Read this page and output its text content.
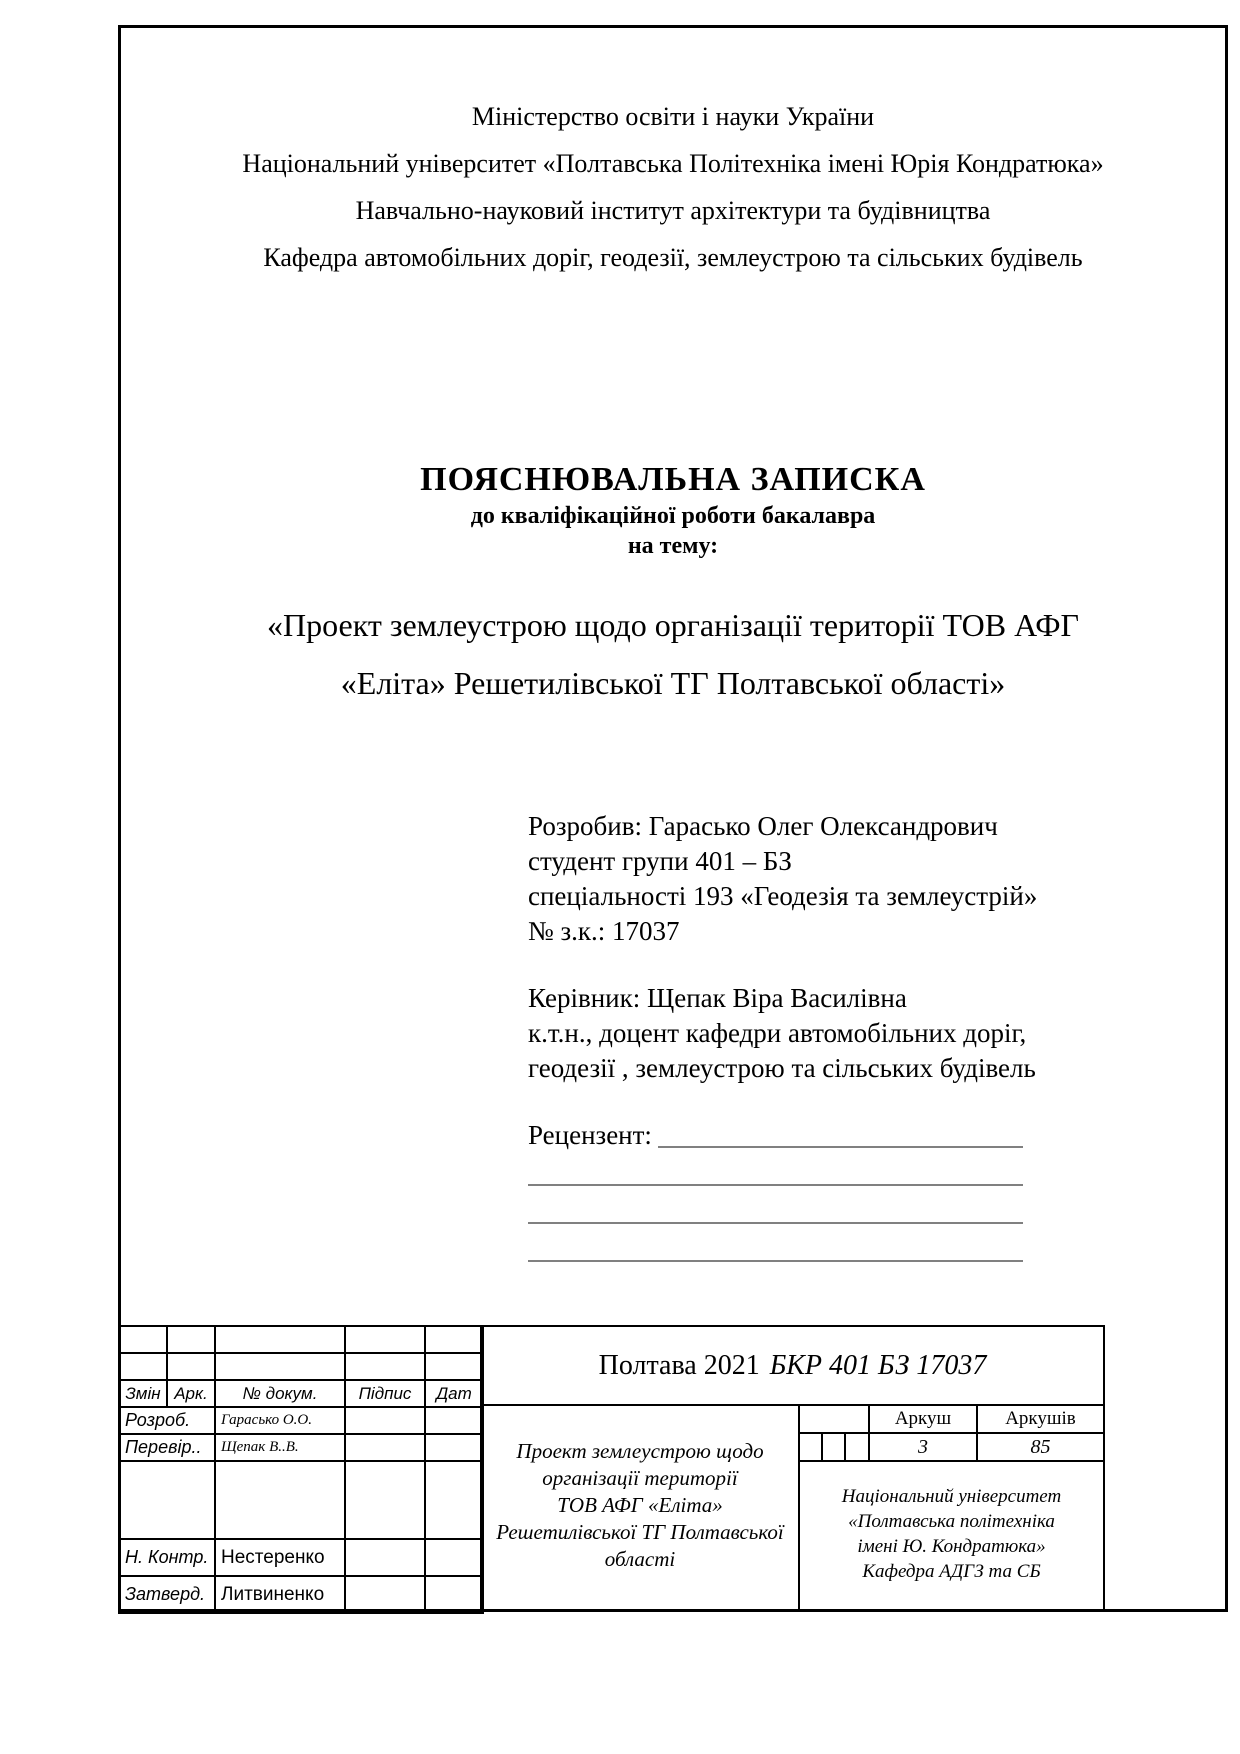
Міністерство освіти і науки України
Національний університет «Полтавська Політехніка імені Юрія Кондратюка»
Навчально-науковий інститут архітектури та будівництва
Кафедра автомобільних доріг, геодезії, землеустрою та сільських будівель
ПОЯСНЮВАЛЬНА ЗАПИСКА
до кваліфікаційної роботи бакалавра
на тему:
«Проект землеустрою щодо організації території ТОВ АФГ
«Еліта» Решетилівської ТГ Полтавської області»
Розробив: Гарасько Олег Олександрович
студент групи 401 – БЗ
спеціальності 193 «Геодезія та землеустрій»
№ з.к.: 17037
Керівник: Щепак Віра Василівна
к.т.н., доцент кафедри автомобільних доріг,
геодезії , землеустрою та сільських будівель
Рецензент:

Змін	Арк.	№ докум.	Підпис	Дат
Розроб.		Гарасько О.О.		
Перевір..		Щепак В..В.		

Н. Контр.		Нестеренко		
Затверд.		Литвиненко		
Полтава 2021 БКР 401 БЗ 17037
Проект землеустрою щодо
організації території
ТОВ АФГ «Еліта»
Решетилівської ТГ Полтавської
області
Аркуш	Аркушів
3	85
Національний університет
«Полтавська політехніка
імені Ю. Кондратюка»
Кафедра АДГЗ та СБ
